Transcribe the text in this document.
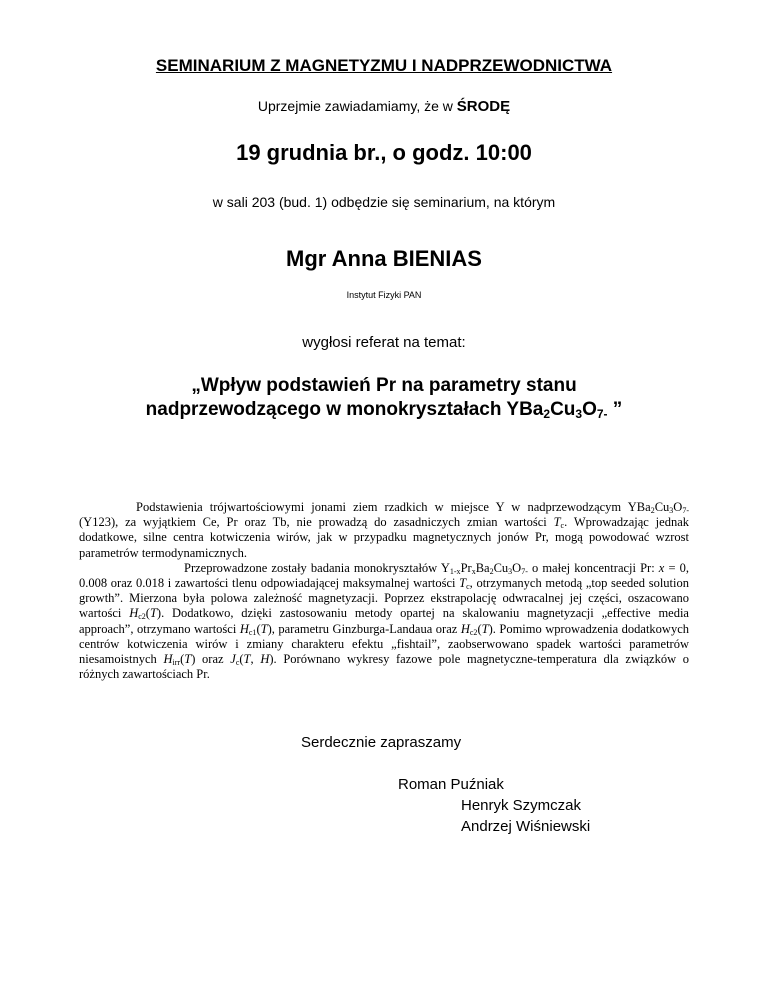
SEMINARIUM Z MAGNETYZMU I NADPRZEWODNICTWA
Uprzejmie zawiadamiamy, że w ŚRODĘ
19 grudnia br., o godz. 10:00
w sali 203 (bud. 1) odbędzie się seminarium, na którym
Mgr Anna BIENIAS
Instytut Fizyki PAN
wygłosi referat na temat:
„Wpływ podstawień Pr na parametry stanu
nadprzewodzącego w monokryształach $YBa_2Cu_3O_{7-}$ ”

Podstawienia trójwartościowymi jonami ziem rzadkich w miejsce Y w nadprzewodzącym $YBa_2Cu_3O_{7-}$ (Y123), za wyjątkiem Ce, Pr oraz Tb, nie prowadzą do zasadniczych zmian wartości $T_c$. Wprowadzając jednak dodatkowe, silne centra kotwiczenia wirów, jak w przypadku magnetycznych jonów Pr, mogą powodować wzrost parametrów termodynamicznych.

Przeprowadzone zostały badania monokryształów $Y_{1-x}Pr_xBa_2Cu_3O_{7-}$ o małej koncentracji Pr: x = 0, 0.008 oraz 0.018 i zawartości tlenu odpowiadającej maksymalnej wartości $T_c$, otrzymanych metodą „top seeded solution growth”. Mierzona była polowa zależność magnetyzacji. Poprzez ekstrapolację odwracalnej jej części, oszacowano wartości $H_{c2}(T)$. Dodatkowo, dzięki zastosowaniu metody opartej na skalowaniu magnetyzacji „effective media approach”, otrzymano wartości $H_{c1}(T)$, parametru Ginzburga-Landaua oraz $H_{c2}(T)$. Pomimo wprowadzenia dodatkowych centrów kotwiczenia wirów i zmiany charakteru efektu „fishtail”, zaobserwowano spadek wartości parametrów niesamoistnych $H_{irr}(T)$ oraz $J_c(T$, H). Porównano wykresy fazowe pole magnetyczne-temperatura dla związków o różnych zawartościach Pr.

Serdecznie zapraszamy
Roman Puźniak
Henryk Szymczak
Andrzej Wiśniewski
